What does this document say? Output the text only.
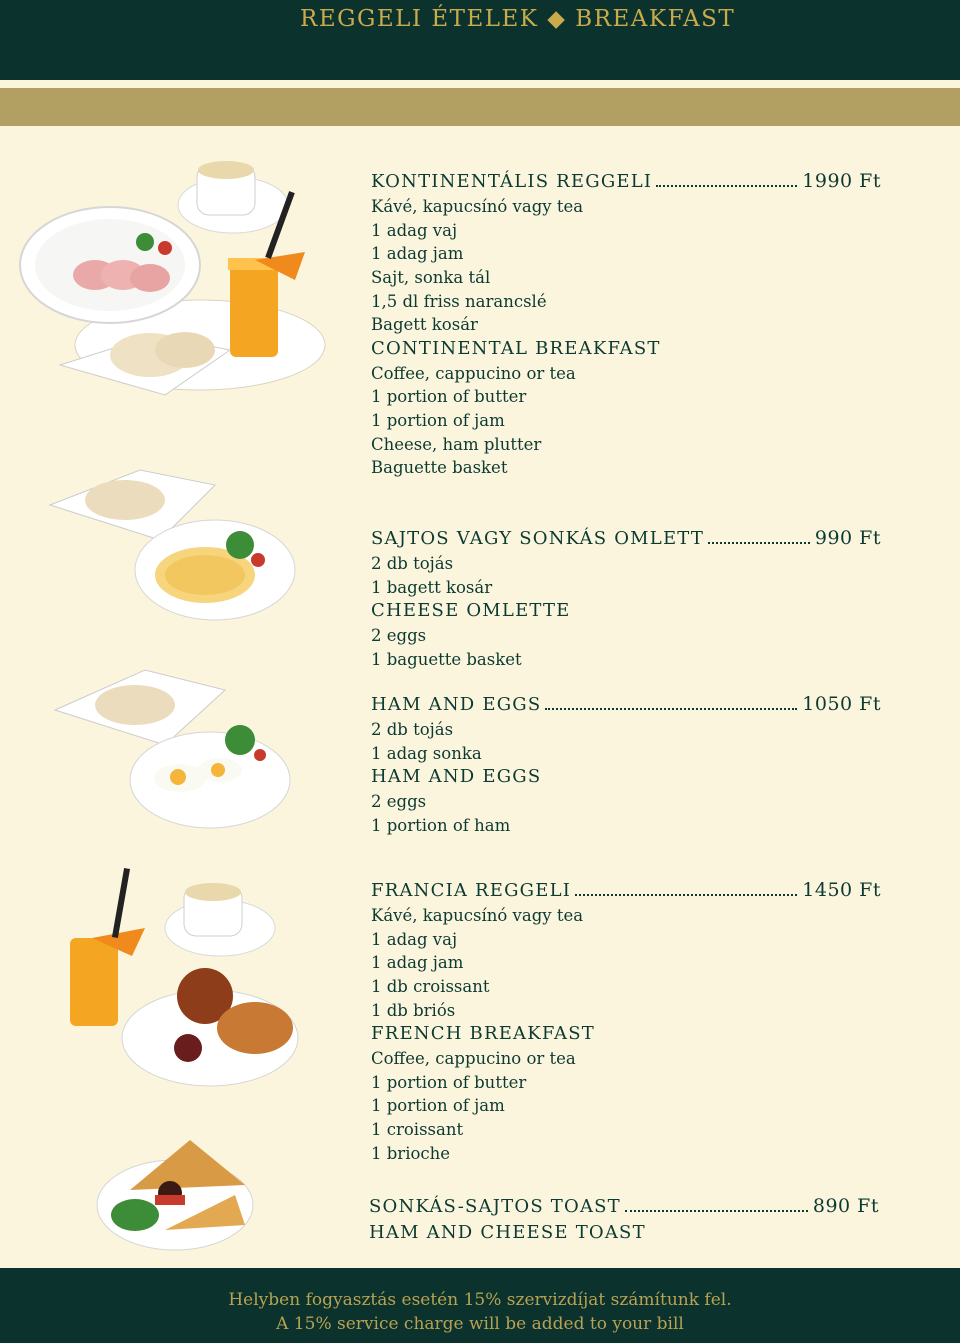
REGGELI ÉTELEK ◆ BREAKFAST
KONTINENTÁLIS REGGELI	1990 Ft
Kávé, kapucsínó vagy tea
1 adag vaj
1 adag jam
Sajt, sonka tál
1,5 dl friss narancslé
Bagett kosár
CONTINENTAL BREAKFAST
Coffee, cappucino or tea
1 portion of butter
1 portion of jam
Cheese, ham plutter
Baguette basket
SAJTOS VAGY SONKÁS OMLETT	990 Ft
2 db tojás
1 bagett kosár
CHEESE OMLETTE
2 eggs
1 baguette basket
HAM AND EGGS	1050 Ft
2 db tojás
1 adag sonka
HAM AND EGGS
2 eggs
1 portion of ham
FRANCIA REGGELI	1450 Ft
Kávé, kapucsínó vagy tea
1 adag vaj
1 adag jam
1 db croissant
1 db briós
FRENCH BREAKFAST
Coffee, cappucino or tea
1 portion of butter
1 portion of jam
1 croissant
1 brioche
SONKÁS-SAJTOS TOAST	890 Ft
HAM AND CHEESE TOAST
Helyben fogyasztás esetén 15% szervizdíjat számítunk fel.
A 15% service charge will be added to your bill
